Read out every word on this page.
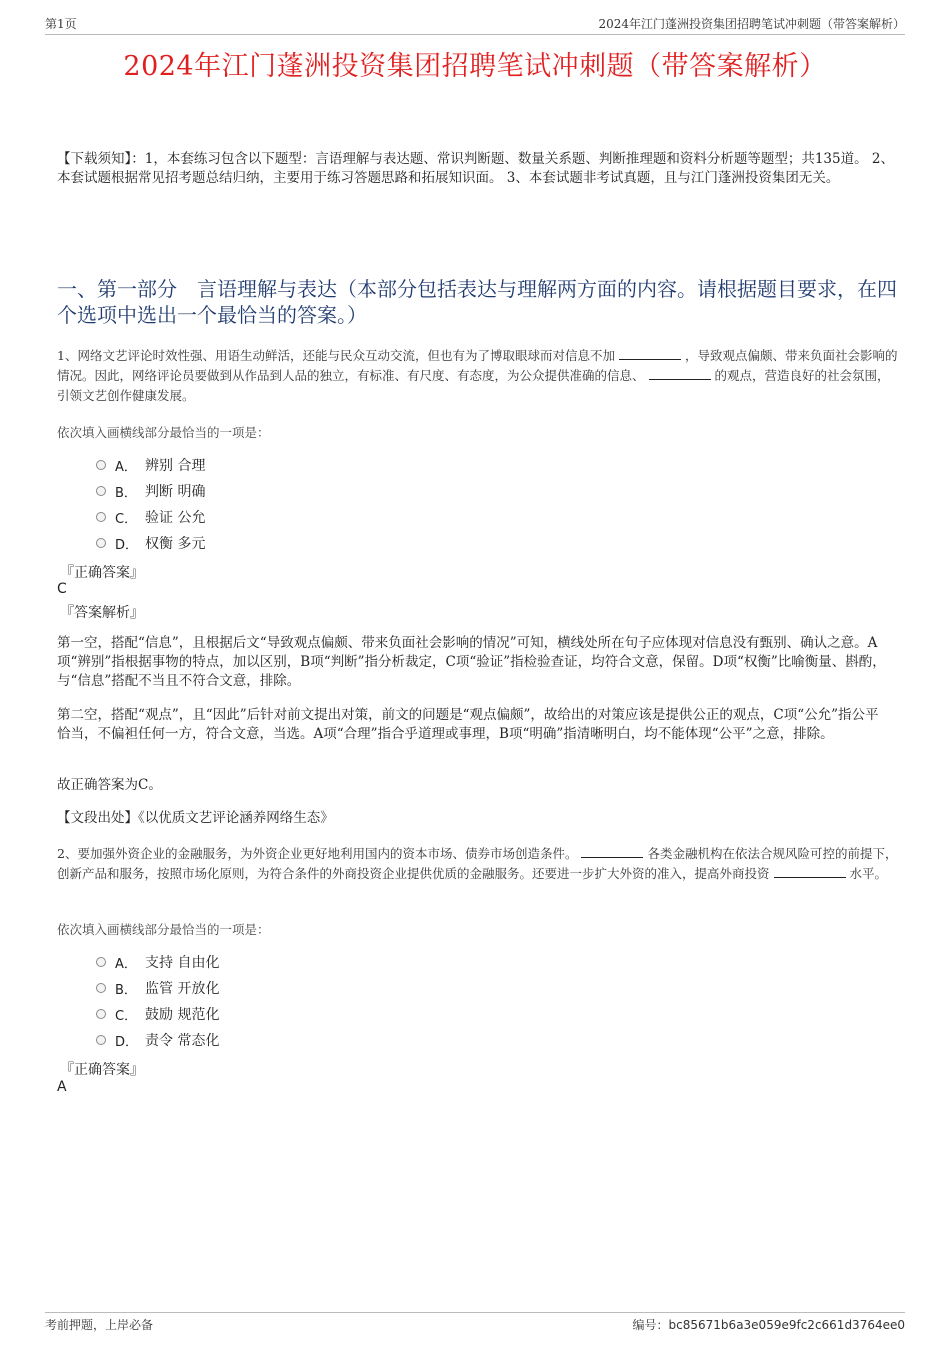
第1页	2024年江门蓬洲投资集团招聘笔试冲刺题（带答案解析）
2024年江门蓬洲投资集团招聘笔试冲刺题（带答案解析）
【下载须知】：1，本套练习包含以下题型：言语理解与表达题、常识判断题、数量关系题、判断推理题和资料分析题等题型；共135道。 2、本套试题根据常见招考题总结归纳，主要用于练习答题思路和拓展知识面。 3、本套试题非考试真题，且与江门蓬洲投资集团无关。
一、第一部分　言语理解与表达（本部分包括表达与理解两方面的内容。请根据题目要求，在四个选项中选出一个最恰当的答案。）
1、网络文艺评论时效性强、用语生动鲜活，还能与民众互动交流，但也有为了博取眼球而对信息不加	，导致观点偏颇、带来负面社会影响的情况。因此，网络评论员要做到从作品到人品的独立，有标准、有尺度、有态度，为公众提供准确的信息、	的观点，营造良好的社会氛围，引领文艺创作健康发展。
依次填入画横线部分最恰当的一项是：
A． 辨别 合理
B． 判断 明确
C． 验证 公允
D． 权衡 多元
『正确答案』
C
『答案解析』
第一空，搭配“信息”，且根据后文“导致观点偏颇、带来负面社会影响的情况”可知，横线处所在句子应体现对信息没有甄别、确认之意。A项“辨别”指根据事物的特点，加以区别，B项“判断”指分析裁定，C项“验证”指检验查证，均符合文意，保留。D项“权衡”比喻衡量、斟酌，与“信息”搭配不当且不符合文意，排除。
第二空，搭配“观点”，且“因此”后针对前文提出对策，前文的问题是“观点偏颇”，故给出的对策应该是提供公正的观点，C项“公允”指公平恰当，不偏袒任何一方，符合文意，当选。A项“合理”指合乎道理或事理，B项“明确”指清晰明白，均不能体现“公平”之意，排除。
故正确答案为C。
【文段出处】《以优质文艺评论涵养网络生态》
2、要加强外资企业的金融服务，为外资企业更好地利用国内的资本市场、债券市场创造条件。	各类金融机构在依法合规风险可控的前提下，创新产品和服务，按照市场化原则，为符合条件的外商投资企业提供优质的金融服务。还要进一步扩大外资的准入，提高外商投资	水平。
依次填入画横线部分最恰当的一项是：
A． 支持 自由化
B． 监管 开放化
C． 鼓励 规范化
D． 责令 常态化
『正确答案』
A
考前押题，上岸必备	编号：bc85671b6a3e059e9fc2c661d3764ee0
